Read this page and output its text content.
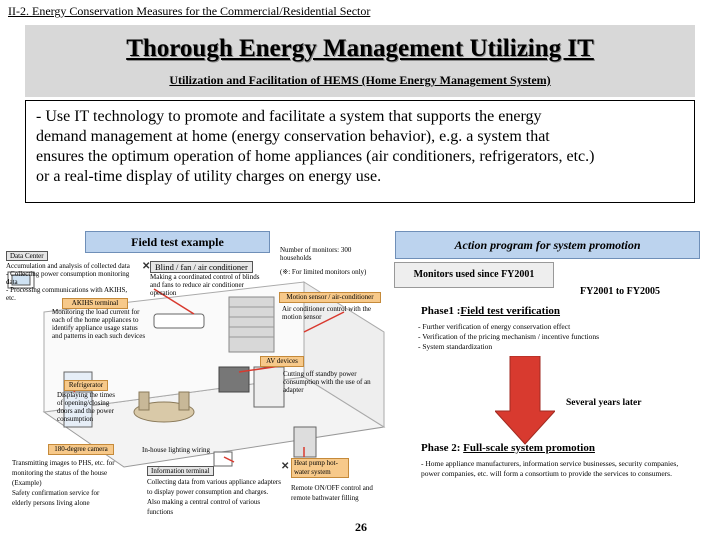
II-2. Energy Conservation Measures for the Commercial/Residential Sector
Thorough Energy Management Utilizing IT
Utilization and Facilitation of HEMS (Home Energy Management System)
- Use IT technology to promote and facilitate a system that supports the energy
demand management at home (energy conservation behavior), e.g. a system that
ensures the optimum operation of home appliances (air conditioners, refrigerators, etc.)
or a real-time display of utility charges on energy use.
Field test example
Data Center
Accumulation and analysis of collected data
- Collecting power consumption monitoring
data
- Processing communications with AKIHS, etc.
AKIHS terminal
Monitoring the load current for each of the home appliances to identify appliance usage status and patterns in each such devices
✕ Blind / fan / air conditioner
Making a coordinated control of blinds and fans to reduce air conditioner operation
Number of monitors: 300 households
(※: For limited monitors only)
Motion sensor / air-conditioner
Air conditioner control with the motion sensor
AV devices
Cutting off standby power consumption with the use of an adapter
Refrigerator
Displaying the times of opening/closing doors and the power consumption
180-degree camera
Transmitting images to PHS, etc. for
monitoring the status of the house
(Example)
Safety confirmation service for
elderly persons living alone
In-house lighting wiring
✕
Information terminal
Collecting data from various appliance adapters to display power consumption and charges. Also making a central control of various functions
Heat pump hot-water system
Remote ON/OFF control and remote bathwater filling
26
Action program for system promotion
Monitors used since FY2001
FY2001 to FY2005
Phase1 :Field test verification
- Further verification of energy conservation effect
- Verification of the pricing mechanism / incentive functions
- System standardization
Several years later
Phase 2: Full-scale system promotion
- Home appliance manufacturers, information service businesses, security companies, power companies, etc. will form a consortium to provide the services to consumers.
